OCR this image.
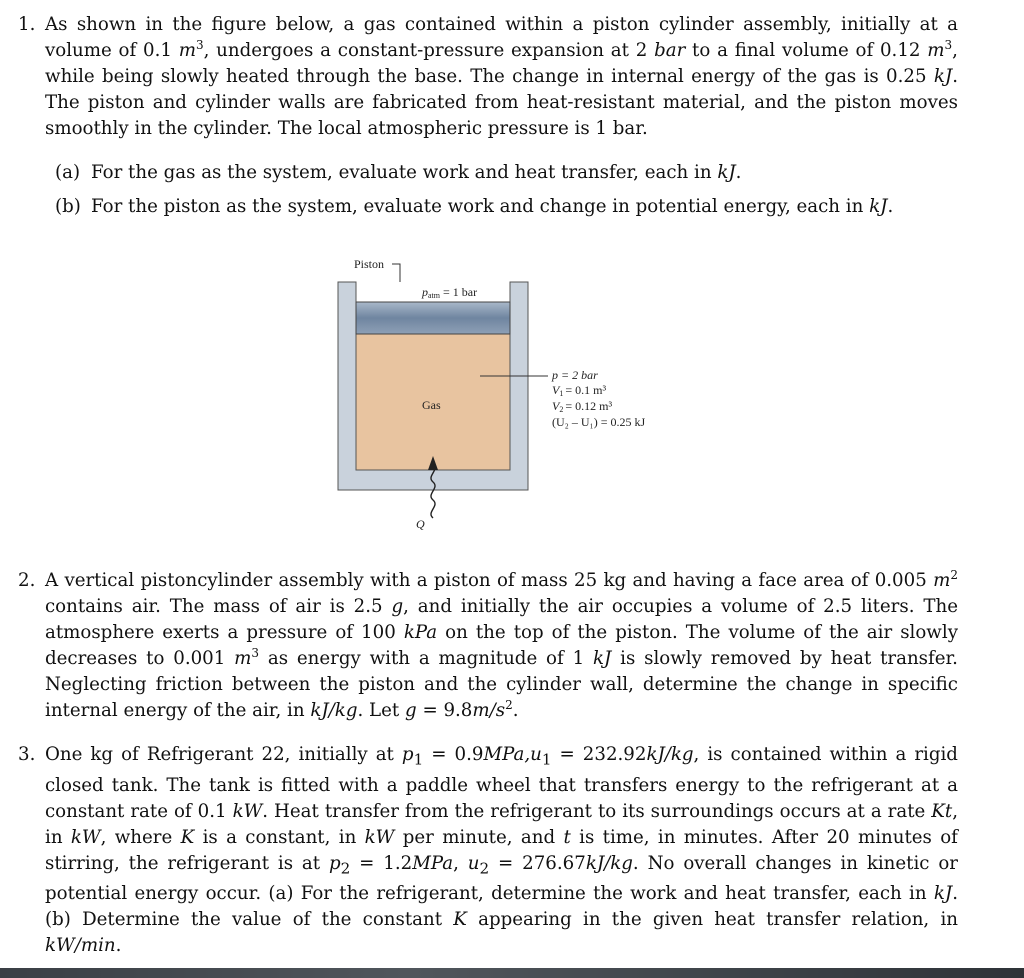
1. As shown in the figure below, a gas contained within a piston cylinder assembly, initially at a volume of 0.1 $m^3$, undergoes a constant-pressure expansion at 2 bar to a final volume of 0.12 $m^3$, while being slowly heated through the base. The change in internal energy of the gas is 0.25 kJ. The piston and cylinder walls are fabricated from heat-resistant material, and the piston moves smoothly in the cylinder. The local atmospheric pressure is 1 bar.
(a) For the gas as the system, evaluate work and heat transfer, each in kJ.
(b) For the piston as the system, evaluate work and change in potential energy, each in kJ.
Piston
patm = 1 bar
Gas
p = 2 bar
V1 = 0.1 m³
V2 = 0.12 m³
(U₂ – U₁) = 0.25 kJ
Q
2. A vertical pistoncylinder assembly with a piston of mass 25 kg and having a face area of 0.005 $m^2$ contains air. The mass of air is 2.5 g, and initially the air occupies a volume of 2.5 liters. The atmosphere exerts a pressure of 100 kPa on the top of the piston. The volume of the air slowly decreases to 0.001 $m^3$ as energy with a magnitude of 1 kJ is slowly removed by heat transfer. Neglecting friction between the piston and the cylinder wall, determine the change in specific internal energy of the air, in kJ/kg. Let $g = 9.8m/s^2$.
3. One kg of Refrigerant 22, initially at $p_1 = 0.9MPa,u_1 = 232.92kJ/kg$, is contained within a rigid closed tank. The tank is fitted with a paddle wheel that transfers energy to the refrigerant at a constant rate of 0.1 kW. Heat transfer from the refrigerant to its surroundings occurs at a rate Kt, in kW, where K is a constant, in kW per minute, and t is time, in minutes. After 20 minutes of stirring, the refrigerant is at $p_2 = 1.2MPa$, $u_2 = 276.67kJ/kg$. No overall changes in kinetic or potential energy occur. (a) For the refrigerant, determine the work and heat transfer, each in kJ. (b) Determine the value of the constant K appearing in the given heat transfer relation, in kW/min.
